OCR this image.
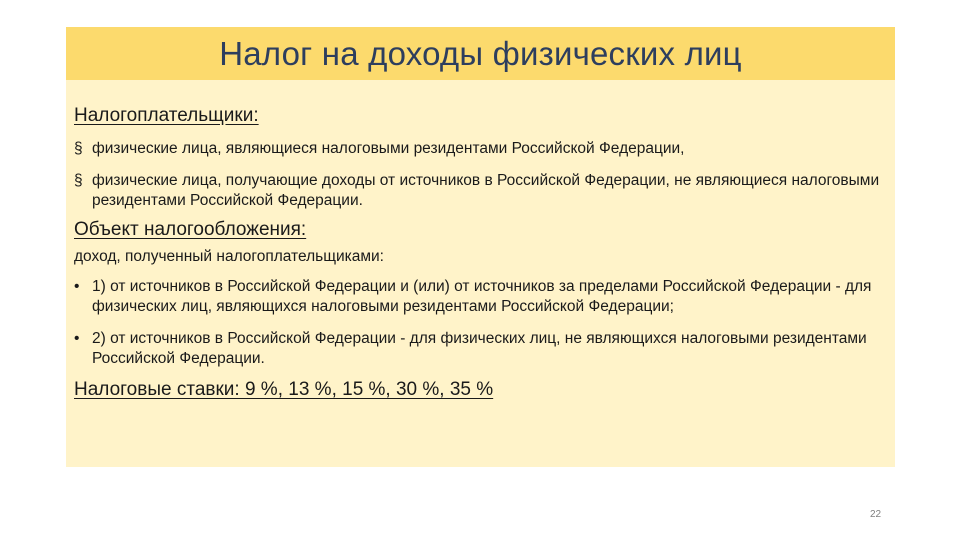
Налог на доходы физических лиц
Налогоплательщики:
§ физические лица, являющиеся налоговыми резидентами Российской Федерации,
§ физические лица, получающие доходы от источников в Российской Федерации, не являющиеся налоговыми резидентами Российской Федерации.
Объект налогообложения:
доход, полученный налогоплательщиками:
• 1) от источников в Российской Федерации и (или) от источников за пределами Российской Федерации - для физических лиц, являющихся налоговыми резидентами Российской Федерации;
• 2) от источников в Российской Федерации - для физических лиц, не являющихся налоговыми резидентами Российской Федерации.
Налоговые ставки: 9 %, 13 %, 15 %, 30 %, 35 %
22
